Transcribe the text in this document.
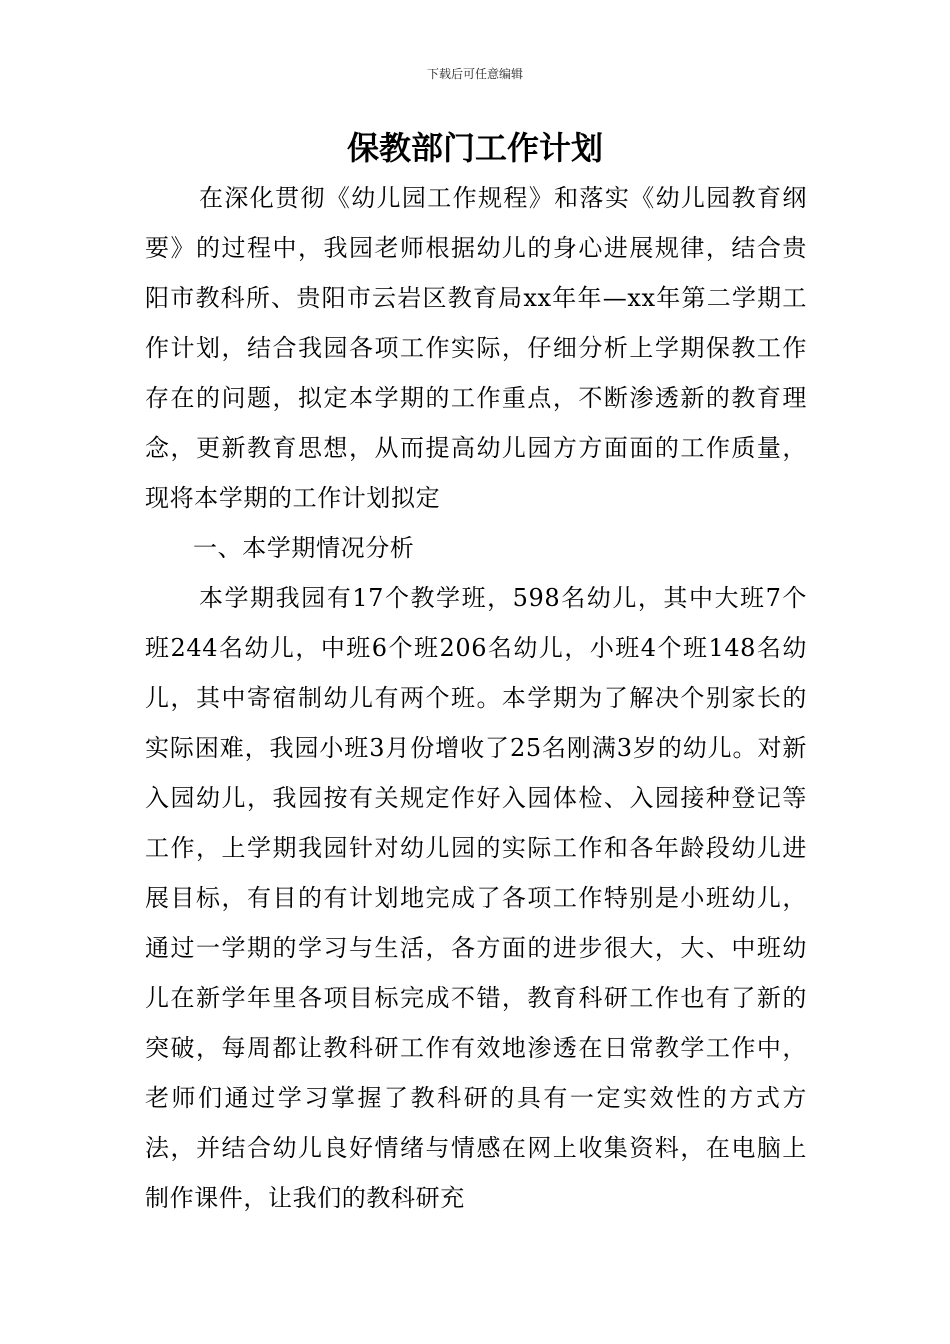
下载后可任意编辑
保教部门工作计划

在深化贯彻《幼儿园工作规程》和落实《幼儿园教育纲要》的过程中，我园老师根据幼儿的身心进展规律，结合贵阳市教科所、贵阳市云岩区教育局xx年年—xx年第二学期工作计划，结合我园各项工作实际，仔细分析上学期保教工作存在的问题，拟定本学期的工作重点，不断渗透新的教育理念，更新教育思想，从而提高幼儿园方方面面的工作质量，现将本学期的工作计划拟定

一、本学期情况分析

本学期我园有17个教学班，598名幼儿，其中大班7个班244名幼儿，中班6个班206名幼儿，小班4个班148名幼儿，其中寄宿制幼儿有两个班。本学期为了解决个别家长的实际困难，我园小班3月份增收了25名刚满3岁的幼儿。对新入园幼儿，我园按有关规定作好入园体检、入园接种登记等工作，上学期我园针对幼儿园的实际工作和各年龄段幼儿进展目标，有目的有计划地完成了各项工作特别是小班幼儿，通过一学期的学习与生活，各方面的进步很大，大、中班幼儿在新学年里各项目标完成不错，教育科研工作也有了新的突破，每周都让教科研工作有效地渗透在日常教学工作中，老师们通过学习掌握了教科研的具有一定实效性的方式方法，并结合幼儿良好情绪与情感在网上收集资料，在电脑上制作课件，让我们的教科研充
